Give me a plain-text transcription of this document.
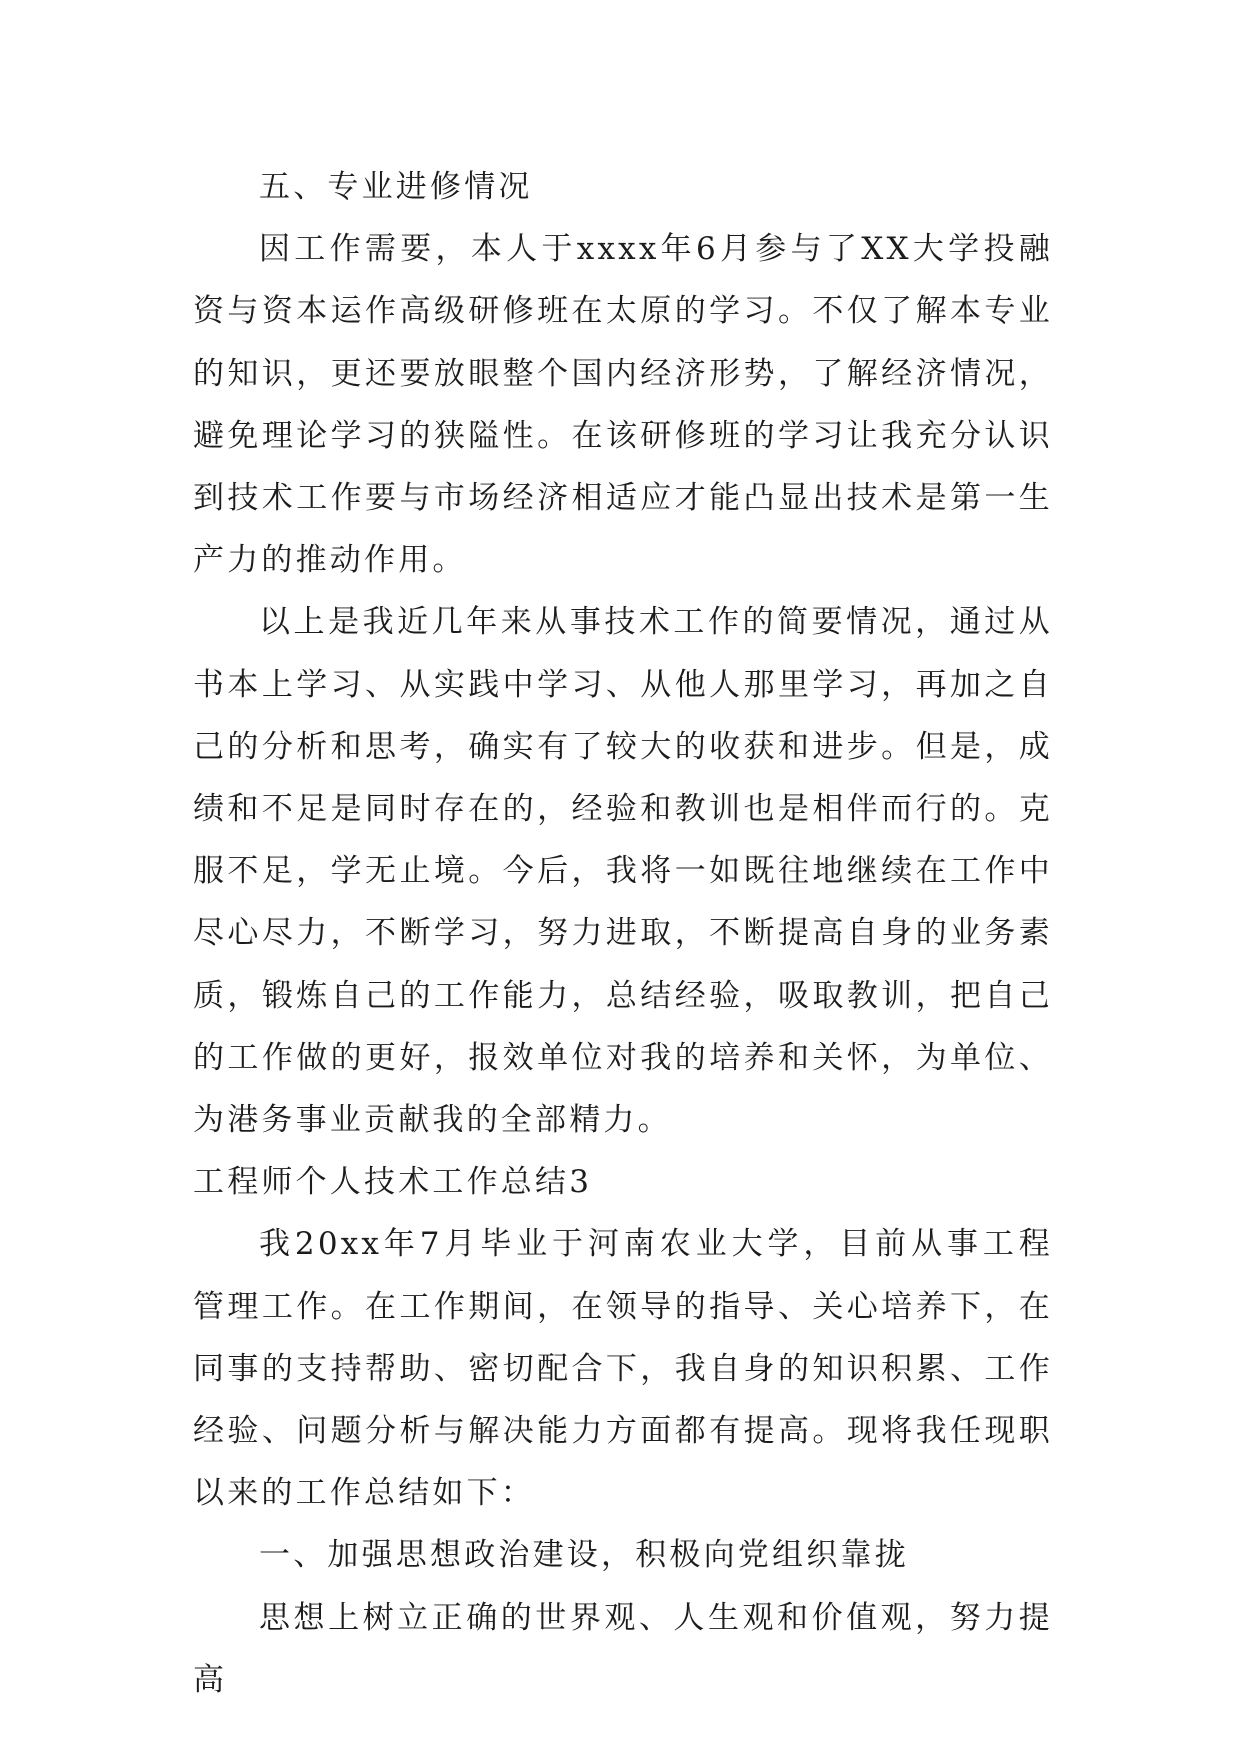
五、专业进修情况

因工作需要，本人于xxxx年6月参与了XX大学投融资与资本运作高级研修班在太原的学习。不仅了解本专业的知识，更还要放眼整个国内经济形势，了解经济情况，避免理论学习的狭隘性。在该研修班的学习让我充分认识到技术工作要与市场经济相适应才能凸显出技术是第一生产力的推动作用。

以上是我近几年来从事技术工作的简要情况，通过从书本上学习、从实践中学习、从他人那里学习，再加之自己的分析和思考，确实有了较大的收获和进步。但是，成绩和不足是同时存在的，经验和教训也是相伴而行的。克服不足，学无止境。今后，我将一如既往地继续在工作中尽心尽力，不断学习，努力进取，不断提高自身的业务素质，锻炼自己的工作能力，总结经验，吸取教训，把自己的工作做的更好，报效单位对我的培养和关怀，为单位、为港务事业贡献我的全部精力。

工程师个人技术工作总结3

我20xx年7月毕业于河南农业大学，目前从事工程管理工作。在工作期间，在领导的指导、关心培养下，在同事的支持帮助、密切配合下，我自身的知识积累、工作经验、问题分析与解决能力方面都有提高。现将我任现职以来的工作总结如下：

一、加强思想政治建设，积极向党组织靠拢

思想上树立正确的世界观、人生观和价值观，努力提高
